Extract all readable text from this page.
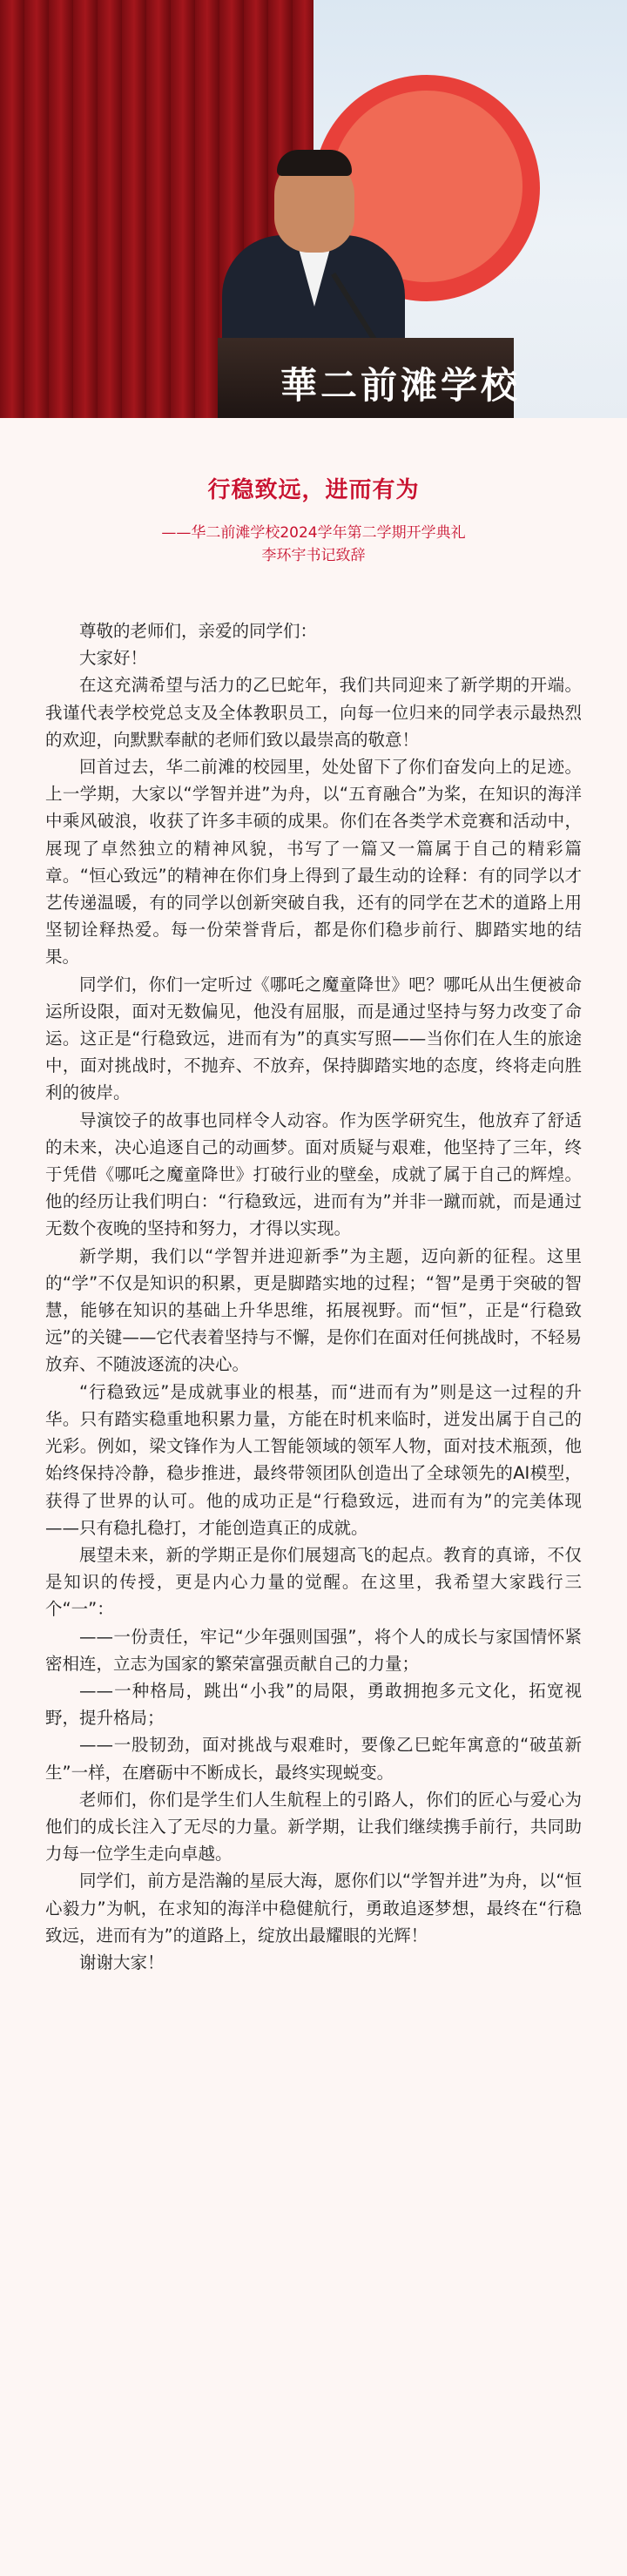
華二前滩学校
行稳致远，进而有为

——华二前滩学校2024学年第二学期开学典礼

李环宇书记致辞

尊敬的老师们，亲爱的同学们：

大家好！

在这充满希望与活力的乙巳蛇年，我们共同迎来了新学期的开端。我谨代表学校党总支及全体教职员工，向每一位归来的同学表示最热烈的欢迎，向默默奉献的老师们致以最崇高的敬意！

回首过去，华二前滩的校园里，处处留下了你们奋发向上的足迹。上一学期，大家以“学智并进”为舟，以“五育融合”为桨，在知识的海洋中乘风破浪，收获了许多丰硕的成果。你们在各类学术竞赛和活动中，展现了卓然独立的精神风貌，书写了一篇又一篇属于自己的精彩篇章。“恒心致远”的精神在你们身上得到了最生动的诠释：有的同学以才艺传递温暖，有的同学以创新突破自我，还有的同学在艺术的道路上用坚韧诠释热爱。每一份荣誉背后，都是你们稳步前行、脚踏实地的结果。

同学们，你们一定听过《哪吒之魔童降世》吧？哪吒从出生便被命运所设限，面对无数偏见，他没有屈服，而是通过坚持与努力改变了命运。这正是“行稳致远，进而有为”的真实写照——当你们在人生的旅途中，面对挑战时，不抛弃、不放弃，保持脚踏实地的态度，终将走向胜利的彼岸。

导演饺子的故事也同样令人动容。作为医学研究生，他放弃了舒适的未来，决心追逐自己的动画梦。面对质疑与艰难，他坚持了三年，终于凭借《哪吒之魔童降世》打破行业的壁垒，成就了属于自己的辉煌。他的经历让我们明白：“行稳致远，进而有为”并非一蹴而就，而是通过无数个夜晚的坚持和努力，才得以实现。

新学期，我们以“学智并进迎新季”为主题，迈向新的征程。这里的“学”不仅是知识的积累，更是脚踏实地的过程；“智”是勇于突破的智慧，能够在知识的基础上升华思维，拓展视野。而“恒”，正是“行稳致远”的关键——它代表着坚持与不懈，是你们在面对任何挑战时，不轻易放弃、不随波逐流的决心。

“行稳致远”是成就事业的根基，而“进而有为”则是这一过程的升华。只有踏实稳重地积累力量，方能在时机来临时，迸发出属于自己的光彩。例如，梁文锋作为人工智能领域的领军人物，面对技术瓶颈，他始终保持冷静，稳步推进，最终带领团队创造出了全球领先的AI模型，获得了世界的认可。他的成功正是“行稳致远，进而有为”的完美体现——只有稳扎稳打，才能创造真正的成就。

展望未来，新的学期正是你们展翅高飞的起点。教育的真谛，不仅是知识的传授，更是内心力量的觉醒。在这里，我希望大家践行三个“一”：

——一份责任，牢记“少年强则国强”，将个人的成长与家国情怀紧密相连，立志为国家的繁荣富强贡献自己的力量；

——一种格局，跳出“小我”的局限，勇敢拥抱多元文化，拓宽视野，提升格局；

——一股韧劲，面对挑战与艰难时，要像乙巳蛇年寓意的“破茧新生”一样，在磨砺中不断成长，最终实现蜕变。

老师们，你们是学生们人生航程上的引路人，你们的匠心与爱心为他们的成长注入了无尽的力量。新学期，让我们继续携手前行，共同助力每一位学生走向卓越。

同学们，前方是浩瀚的星辰大海，愿你们以“学智并进”为舟，以“恒心毅力”为帆，在求知的海洋中稳健航行，勇敢追逐梦想，最终在“行稳致远，进而有为”的道路上，绽放出最耀眼的光辉！

谢谢大家！
